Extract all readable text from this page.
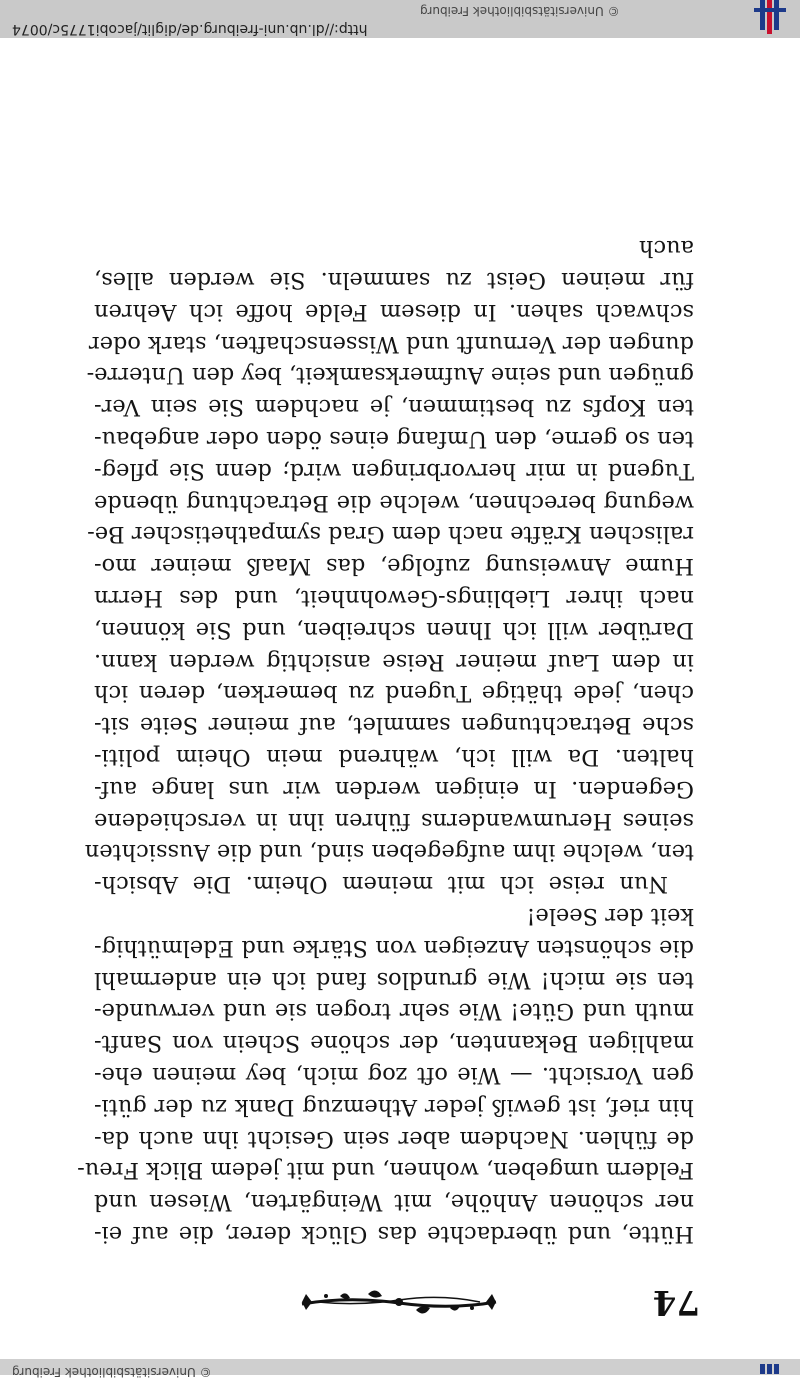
http://dl.ub.uni-freiburg.de/diglit/jacobi1775c/0074
© Universitätsbibliothek Freiburg
74
Hütte, und überdachte das Glück derer, die auf ei-
ner schönen Anhöhe, mit Weingärten, Wiesen und
Feldern umgeben, wohnen, und mit jedem Blick Freu-
de fühlen. Nachdem aber sein Gesicht ihn auch da-
hin rief, ist gewiß jeder Athemzug Dank zu der güti-
gen Vorsicht. — Wie oft zog mich, bey meinen ehe-
mahligen Bekannten, der schöne Schein von Sanft-
muth und Güte! Wie sehr trogen sie und verwunde-
ten sie mich! Wie grundlos fand ich ein andermahl
die schönsten Anzeigen von Stärke und Edelmüthig-
keit der Seele!
Nun reise ich mit meinem Oheim. Die Absich-
ten, welche ihm aufgegeben sind, und die Aussichten
seines Herumwanderns führen ihn in verschiedene
Gegenden. In einigen werden wir uns lange auf-
halten. Da will ich, während mein Oheim politi-
sche Betrachtungen sammlet, auf meiner Seite sit-
chen, jede thätige Tugend zu bemerken, deren ich
in dem Lauf meiner Reise ansichtig werden kann.
Darüber will ich Ihnen schreiben, und Sie können,
nach ihrer Lieblings-Gewohnheit, und des Herrn
Hume Anweisung zufolge, das Maaß meiner mo-
ralischen Kräfte nach dem Grad sympathetischer Be-
wegung berechnen, welche die Betrachtung übende
Tugend in mir hervorbringen wird; denn Sie pfleg-
ten so gerne, den Umfang eines öden oder angebau-
ten Kopfs zu bestimmen, je nachdem Sie sein Ver-
gnügen und seine Aufmerksamkeit, bey den Unterre-
dungen der Vernunft und Wissenschaften, stark oder
schwach sahen. In diesem Felde hoffe ich Aehren
für meinen Geist zu sammeln. Sie werden alles,
auch
© Universitätsbibliothek Freiburg
